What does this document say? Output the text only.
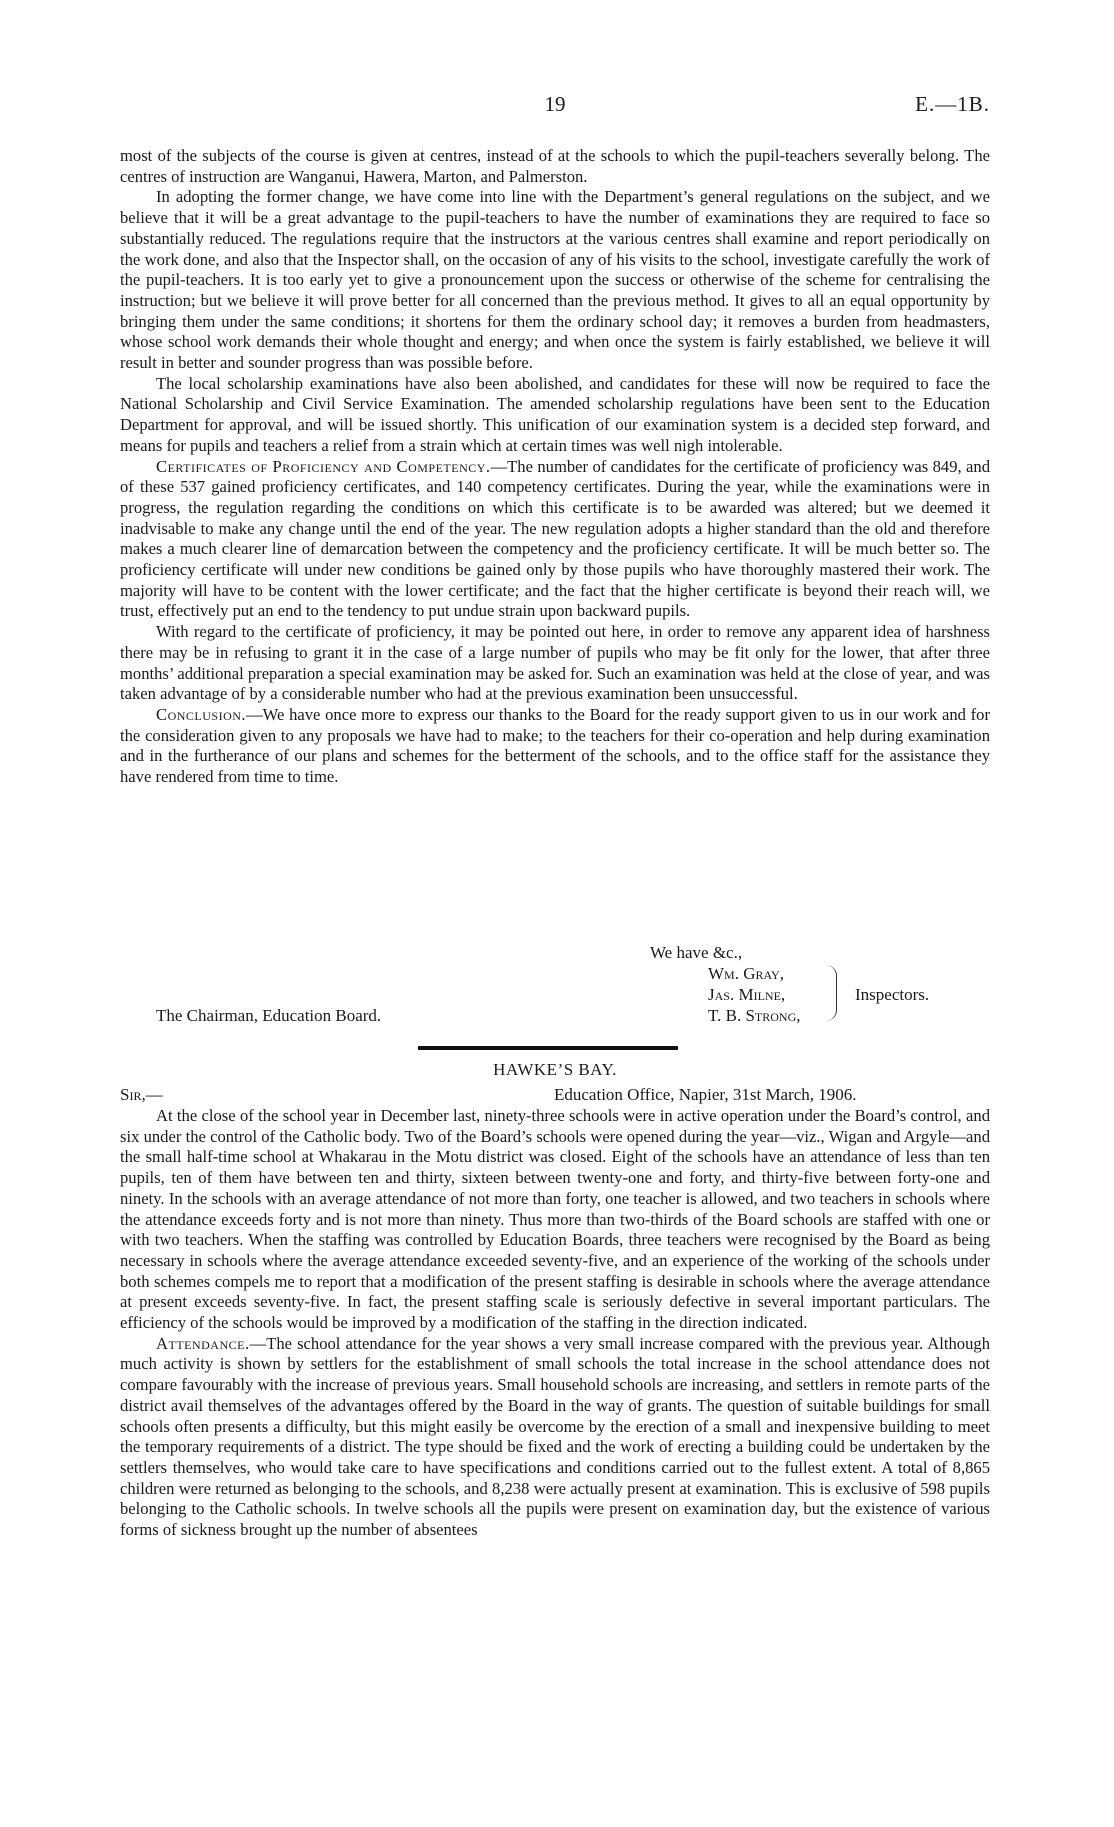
19	E.—1B.

most of the subjects of the course is given at centres, instead of at the schools to which the pupil-teachers severally belong. The centres of instruction are Wanganui, Hawera, Marton, and Palmerston.

In adopting the former change, we have come into line with the Department’s general regulations on the subject, and we believe that it will be a great advantage to the pupil-teachers to have the number of examinations they are required to face so substantially reduced. The regulations require that the instructors at the various centres shall examine and report periodically on the work done, and also that the Inspector shall, on the occasion of any of his visits to the school, investigate carefully the work of the pupil-teachers. It is too early yet to give a pronouncement upon the success or otherwise of the scheme for centralising the instruction; but we believe it will prove better for all concerned than the previous method. It gives to all an equal opportunity by bringing them under the same conditions; it shortens for them the ordinary school day; it removes a burden from headmasters, whose school work demands their whole thought and energy; and when once the system is fairly established, we believe it will result in better and sounder progress than was possible before.

The local scholarship examinations have also been abolished, and candidates for these will now be required to face the National Scholarship and Civil Service Examination. The amended scholarship regulations have been sent to the Education Department for approval, and will be issued shortly. This unification of our examination system is a decided step forward, and means for pupils and teachers a relief from a strain which at certain times was well nigh intolerable.

Certificates of Proficiency and Competency.—The number of candidates for the certificate of proficiency was 849, and of these 537 gained proficiency certificates, and 140 competency certificates. During the year, while the examinations were in progress, the regulation regarding the conditions on which this certificate is to be awarded was altered; but we deemed it inadvisable to make any change until the end of the year. The new regulation adopts a higher standard than the old and therefore makes a much clearer line of demarcation between the competency and the proficiency certificate. It will be much better so. The proficiency certificate will under new conditions be gained only by those pupils who have thoroughly mastered their work. The majority will have to be content with the lower certificate; and the fact that the higher certificate is beyond their reach will, we trust, effectively put an end to the tendency to put undue strain upon backward pupils.

With regard to the certificate of proficiency, it may be pointed out here, in order to remove any apparent idea of harshness there may be in refusing to grant it in the case of a large number of pupils who may be fit only for the lower, that after three months’ additional preparation a special examination may be asked for. Such an examination was held at the close of year, and was taken advantage of by a considerable number who had at the previous examination been unsuccessful.

Conclusion.—We have once more to express our thanks to the Board for the ready support given to us in our work and for the consideration given to any proposals we have had to make; to the teachers for their co-operation and help during examination and in the furtherance of our plans and schemes for the betterment of the schools, and to the office staff for the assistance they have rendered from time to time.

We have &c.,
Wm. Gray,
Jas. Milne,
T. B. Strong,
Inspectors.
The Chairman, Education Board.
HAWKE’S BAY.
Sir,—	Education Office, Napier, 31st March, 1906.

At the close of the school year in December last, ninety-three schools were in active operation under the Board’s control, and six under the control of the Catholic body. Two of the Board’s schools were opened during the year—viz., Wigan and Argyle—and the small half-time school at Whakarau in the Motu district was closed. Eight of the schools have an attendance of less than ten pupils, ten of them have between ten and thirty, sixteen between twenty-one and forty, and thirty-five between forty-one and ninety. In the schools with an average attendance of not more than forty, one teacher is allowed, and two teachers in schools where the attendance exceeds forty and is not more than ninety. Thus more than two-thirds of the Board schools are staffed with one or with two teachers. When the staffing was controlled by Education Boards, three teachers were recognised by the Board as being necessary in schools where the average attendance exceeded seventy-five, and an experience of the working of the schools under both schemes compels me to report that a modification of the present staffing is desirable in schools where the average attendance at present exceeds seventy-five. In fact, the present staffing scale is seriously defective in several important particulars. The efficiency of the schools would be improved by a modification of the staffing in the direction indicated.

Attendance.—The school attendance for the year shows a very small increase compared with the previous year. Although much activity is shown by settlers for the establishment of small schools the total increase in the school attendance does not compare favourably with the increase of previous years. Small household schools are increasing, and settlers in remote parts of the district avail themselves of the advantages offered by the Board in the way of grants. The question of suitable buildings for small schools often presents a difficulty, but this might easily be overcome by the erection of a small and inexpensive building to meet the temporary requirements of a district. The type should be fixed and the work of erecting a building could be undertaken by the settlers themselves, who would take care to have specifications and conditions carried out to the fullest extent. A total of 8,865 children were returned as belonging to the schools, and 8,238 were actually present at examination. This is exclusive of 598 pupils belonging to the Catholic schools. In twelve schools all the pupils were present on examination day, but the existence of various forms of sickness brought up the number of absentees
